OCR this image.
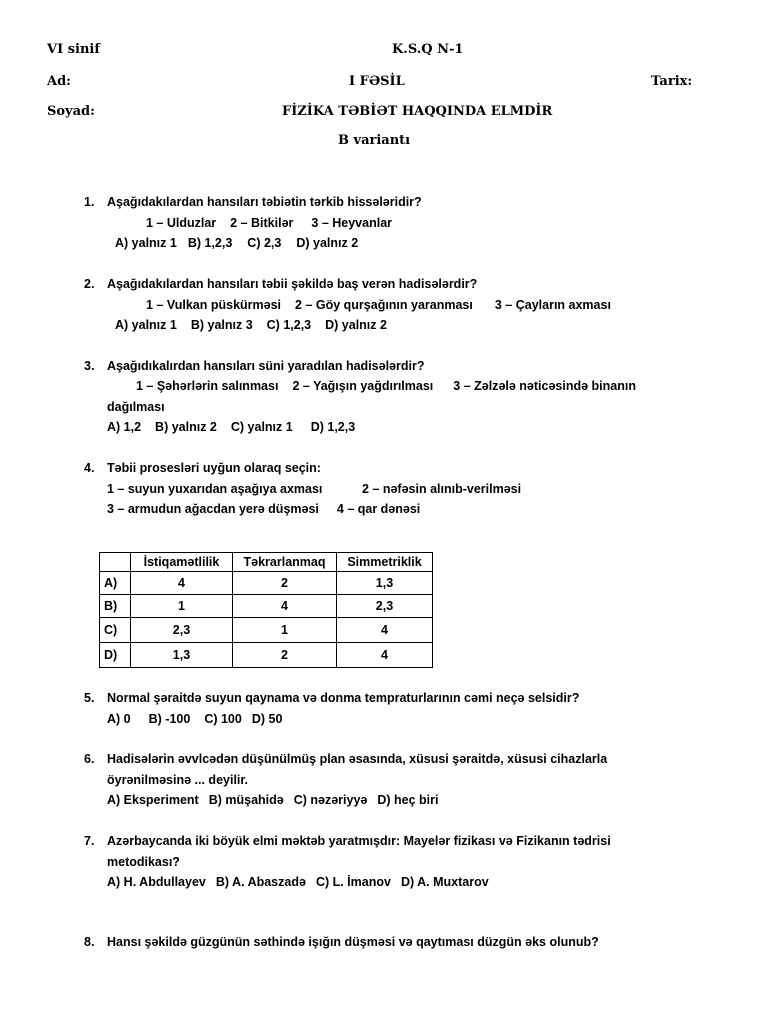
VI sinif	K.S.Q N-1
Ad:	I FƏSİL	Tarix:
Soyad:	FİZİKA TƏBİƏT HAQQINDA ELMDİR
B variantı
1. Aşağıdakılardan hansıları təbiətin tərkib hissələridir?
1 – Ulduzlar 2 – Bitkilər 3 – Heyvanlar
A) yalnız 1 B) 1,2,3 C) 2,3 D) yalnız 2
2. Aşağıdakılardan hansıları təbii şəkildə baş verən hadisələrdir?
1 – Vulkan püskürməsi 2 – Göy qurşağının yaranması 3 – Çayların axması
A) yalnız 1 B) yalnız 3 C) 1,2,3 D) yalnız 2
3. Aşağıdıkalırdan hansıları süni yaradılan hadisələrdir?
1 – Şəhərlərin salınması 2 – Yağışın yağdırılması 3 – Zəlzələ nəticəsində binanın
dağılması
A) 1,2 B) yalnız 2 C) yalnız 1 D) 1,2,3
4. Təbii prosesləri uyğun olaraq seçin:
1 – suyun yuxarıdan aşağıya axması	2 – nəfəsin alınıb-verilməsi
3 – armudun ağacdan yerə düşməsi 4 – qar dənəsi
	İstiqamətlilik	Təkrarlanmaq	Simmetriklik
A)	4	2	1,3
B)	1	4	2,3
C)	2,3	1	4
D)	1,3	2	4
5. Normal şəraitdə suyun qaynama və donma tempraturlarının cəmi neçə selsidir?
A) 0 B) -100 C) 100 D) 50
6. Hadisələrin əvvlcədən düşünülmüş plan əsasında, xüsusi şəraitdə, xüsusi cihazlarla
öyrənilməsinə ... deyilir.
A) Eksperiment B) müşahidə C) nəzəriyyə D) heç biri
7. Azərbaycanda iki böyük elmi məktəb yaratmışdır: Mayelər fizikası və Fizikanın tədrisi
metodikası?
A) H. Abdullayev B) A. Abaszadə C) L. İmanov D) A. Muxtarov
8. Hansı şəkildə güzgünün səthində işığın düşməsi və qaytıması düzgün əks olunub?
